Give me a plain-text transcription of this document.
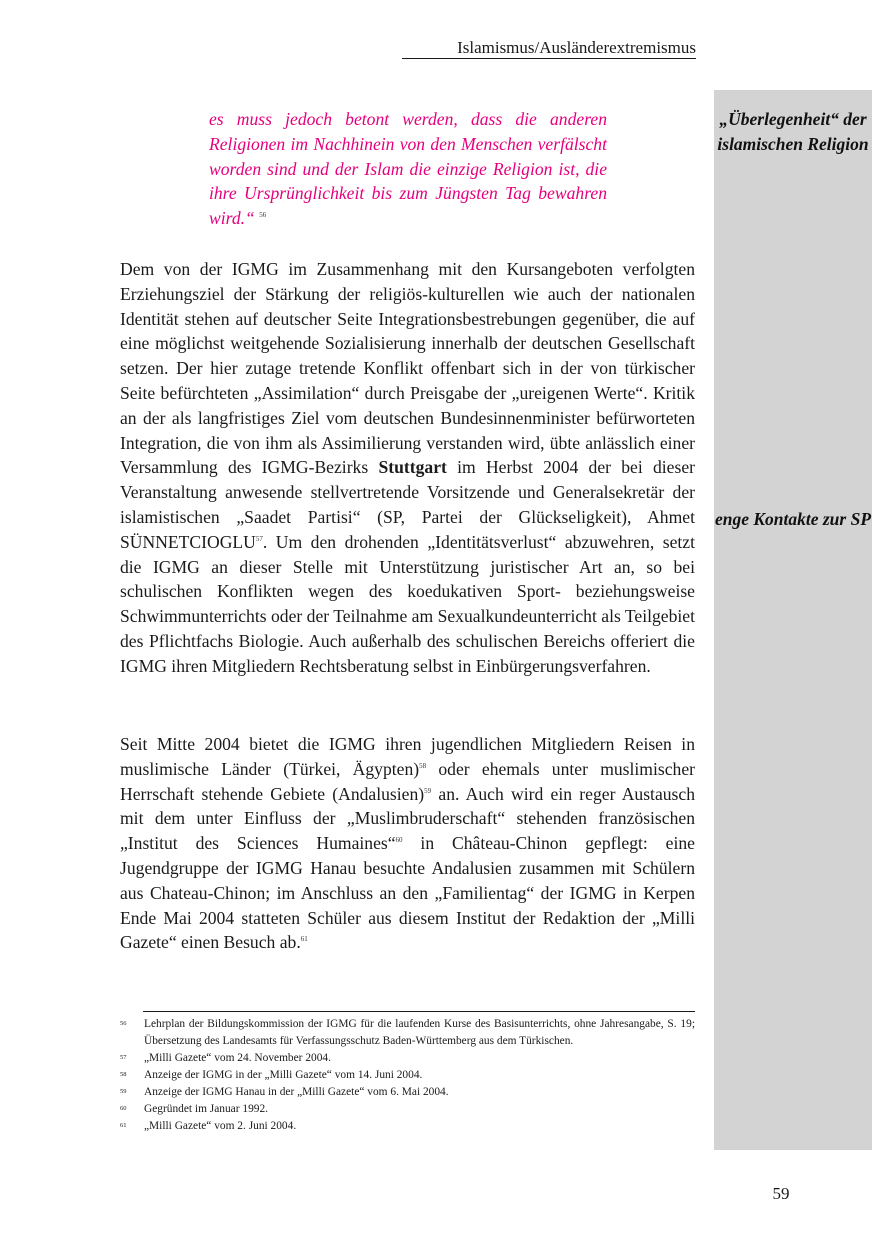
Islamismus/Ausländerextremismus
„Überlegenheit“ der islamischen Religion
enge Kontakte zur SP
es muss jedoch betont werden, dass die anderen Religionen im Nachhinein von den Menschen verfälscht worden sind und der Islam die einzige Religion ist, die ihre Ursprünglichkeit bis zum Jüngsten Tag bewahren wird.“ $^{56}$
Dem von der IGMG im Zusammenhang mit den Kursangeboten verfolgten Erziehungsziel der Stärkung der religiös-kulturellen wie auch der nationalen Identität stehen auf deutscher Seite Integrationsbestrebungen gegenüber, die auf eine möglichst weitgehende Sozialisierung innerhalb der deutschen Gesellschaft setzen. Der hier zutage tretende Konflikt offenbart sich in der von türkischer Seite befürchteten „Assimilation“ durch Preisgabe der „ureigenen Werte“. Kritik an der als langfristiges Ziel vom deutschen Bundesinnenminister befürworteten Integration, die von ihm als Assimilierung verstanden wird, übte anlässlich einer Versammlung des IGMG-Bezirks Stuttgart im Herbst 2004 der bei dieser Veranstaltung anwesende stellvertretende Vorsitzende und Generalsekretär der islamistischen „Saadet Partisi“ (SP, Partei der Glückseligkeit), Ahmet SÜNNETCIOGLU$^{57}$. Um den drohenden „Identitätsverlust“ abzuwehren, setzt die IGMG an dieser Stelle mit Unterstützung juristischer Art an, so bei schulischen Konflikten wegen des koedukativen Sport- beziehungsweise Schwimmunterrichts oder der Teilnahme am Sexualkundeunterricht als Teilgebiet des Pflichtfachs Biologie. Auch außerhalb des schulischen Bereichs offeriert die IGMG ihren Mitgliedern Rechtsberatung selbst in Einbürgerungsverfahren.
Seit Mitte 2004 bietet die IGMG ihren jugendlichen Mitgliedern Reisen in muslimische Länder (Türkei, Ägypten)$^{58}$ oder ehemals unter muslimischer Herrschaft stehende Gebiete (Andalusien)$^{59}$ an. Auch wird ein reger Austausch mit dem unter Einfluss der „Muslimbruderschaft“ stehenden französischen „Institut des Sciences Humaines“$^{60}$ in Château-Chinon gepflegt: eine Jugendgruppe der IGMG Hanau besuchte Andalusien zusammen mit Schülern aus Chateau-Chinon; im Anschluss an den „Familientag“ der IGMG in Kerpen Ende Mai 2004 statteten Schüler aus diesem Institut der Redaktion der „Milli Gazete“ einen Besuch ab.$^{61}$
56 Lehrplan der Bildungskommission der IGMG für die laufenden Kurse des Basisunterrichts, ohne Jahresangabe, S. 19; Übersetzung des Landesamts für Verfassungsschutz Baden-Württemberg aus dem Türkischen.
57 „Milli Gazete“ vom 24. November 2004.
58 Anzeige der IGMG in der „Milli Gazete“ vom 14. Juni 2004.
59 Anzeige der IGMG Hanau in der „Milli Gazete“ vom 6. Mai 2004.
60 Gegründet im Januar 1992.
61 „Milli Gazete“ vom 2. Juni 2004.
59
